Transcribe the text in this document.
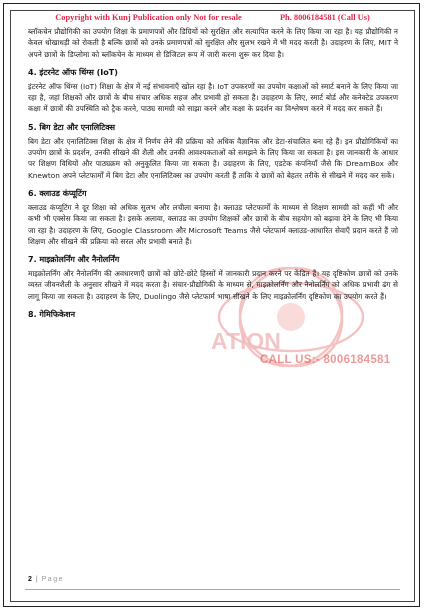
Copyright with Kunj Publication only Not for resale	Ph. 8006184581 (Call Us)
ATION
CALL US:- 8006184581

ब्लॉकचेन प्रौद्योगिकी का उपयोग शिक्षा के प्रमाणपत्रों और डिग्रियों को सुरक्षित और सत्यापित करने के लिए किया जा रहा है। यह प्रौद्योगिकी न केवल धोखाधड़ी को रोकती है बल्कि छात्रों को उनके प्रमाणपत्रों को सुरक्षित और सुलभ रखने में भी मदद करती है। उदाहरण के लिए, MIT ने अपने छात्रों के डिप्लोमा को ब्लॉकचेन के माध्यम से डिजिटल रूप में जारी करना शुरू कर दिया है।

4. इंटरनेट ऑफ थिंग्स (IoT)

इंटरनेट ऑफ थिंग्स (IoT) शिक्षा के क्षेत्र में नई संभावनाएँ खोल रहा है। IoT उपकरणों का उपयोग कक्षाओं को स्मार्ट बनाने के लिए किया जा रहा है, जहां शिक्षकों और छात्रों के बीच संचार अधिक सहज और प्रभावी हो सकता है। उदाहरण के लिए, स्मार्ट बोर्ड और कनेक्टेड उपकरण कक्षा में छात्रों की उपस्थिति को ट्रैक करने, पाठ्य सामग्री को साझा करने और कक्षा के प्रदर्शन का विश्लेषण करने में मदद कर सकते हैं।

5. बिग डेटा और एनालिटिक्स

बिग डेटा और एनालिटिक्स शिक्षा के क्षेत्र में निर्णय लेने की प्रक्रिया को अधिक वैज्ञानिक और डेटा-संचालित बना रहे हैं। इन प्रौद्योगिकियों का उपयोग छात्रों के प्रदर्शन, उनकी सीखने की शैली और उनकी आवश्यकताओं को समझने के लिए किया जा सकता है। इस जानकारी के आधार पर शिक्षण विधियों और पाठ्यक्रम को अनुकूलित किया जा सकता है। उदाहरण के लिए, एडटेक कंपनियाँ जैसे कि DreamBox और Knewton अपने प्लेटफार्मों में बिग डेटा और एनालिटिक्स का उपयोग करती हैं ताकि वे छात्रों को बेहतर तरीके से सीखने में मदद कर सकें।

6. क्लाउड कंप्यूटिंग

क्लाउड कंप्यूटिंग ने दूर शिक्षा को अधिक सुलभ और लचीला बनाया है। क्लाउड प्लेटफार्मों के माध्यम से शिक्षण सामग्री को कहीं भी और कभी भी एक्सेस किया जा सकता है। इसके अलावा, क्लाउड का उपयोग शिक्षकों और छात्रों के बीच सहयोग को बढ़ावा देने के लिए भी किया जा रहा है। उदाहरण के लिए, Google Classroom और Microsoft Teams जैसे प्लेटफार्म क्लाउड-आधारित सेवाएँ प्रदान करते हैं जो शिक्षण और सीखने की प्रक्रिया को सरल और प्रभावी बनाते हैं।

7. माइक्रोलर्निंग और नैनोलर्निंग

माइक्रोलर्निंग और नैनोलर्निंग की अवधारणाएँ छात्रों को छोटे-छोटे हिस्सों में जानकारी प्रदान करने पर केंद्रित हैं। यह दृष्टिकोण छात्रों को उनके व्यस्त जीवनशैली के अनुसार सीखने में मदद करता है। संचार-प्रौद्योगिकी के माध्यम से, माइक्रोलर्निंग और नैनोलर्निंग को अधिक प्रभावी ढंग से लागू किया जा सकता है। उदाहरण के लिए, Duolingo जैसे प्लेटफार्म भाषा सीखने के लिए माइक्रोलर्निंग दृष्टिकोण का उपयोग करते हैं।

8. गेमिफिकेशन
2 | Page
